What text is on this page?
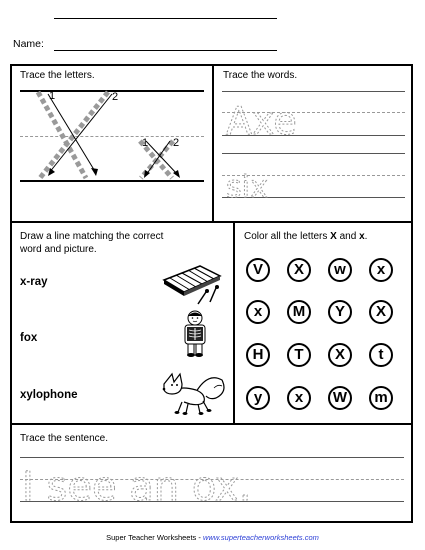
Name:
Trace the letters.
1	2
1 2
Trace the words.
Axe
six
Draw a line matching the correct
word and picture.
x-ray
fox
xylophone
Color all the letters X and x.
V	X	w	x
x	M	Y	X
H	T	X	t
y	x	W	m
Trace the sentence.
I see an ox.
Super Teacher Worksheets - www.superteacherworksheets.com
